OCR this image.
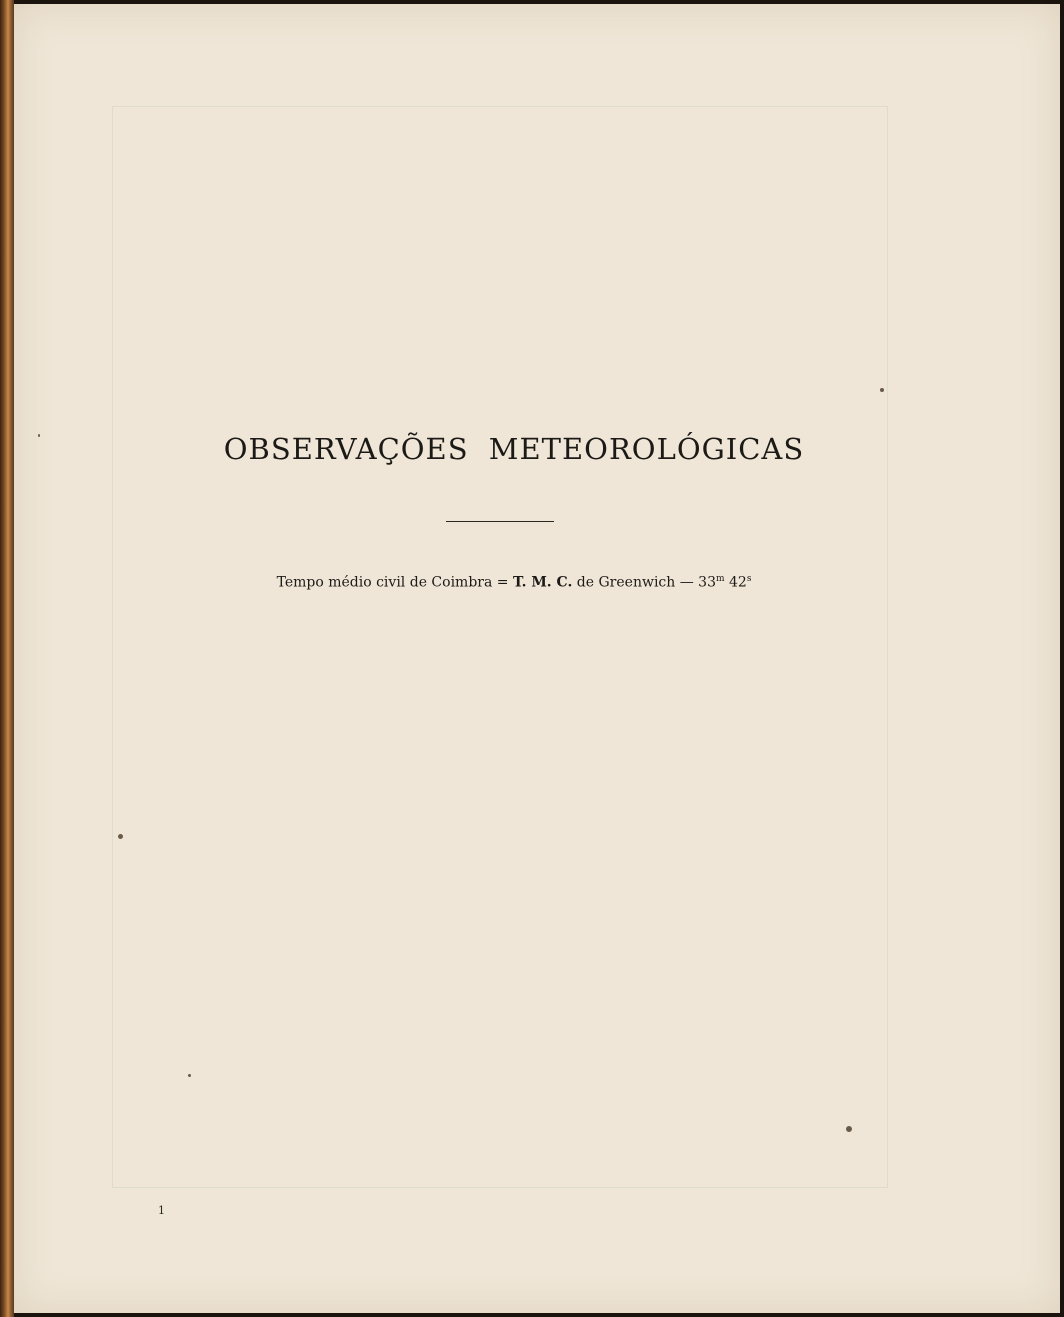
OBSERVAÇÕES METEOROLÓGICAS
Tempo médio civil de Coimbra = T. M. C. de Greenwich — 33$^m$ 42$^s$
1
